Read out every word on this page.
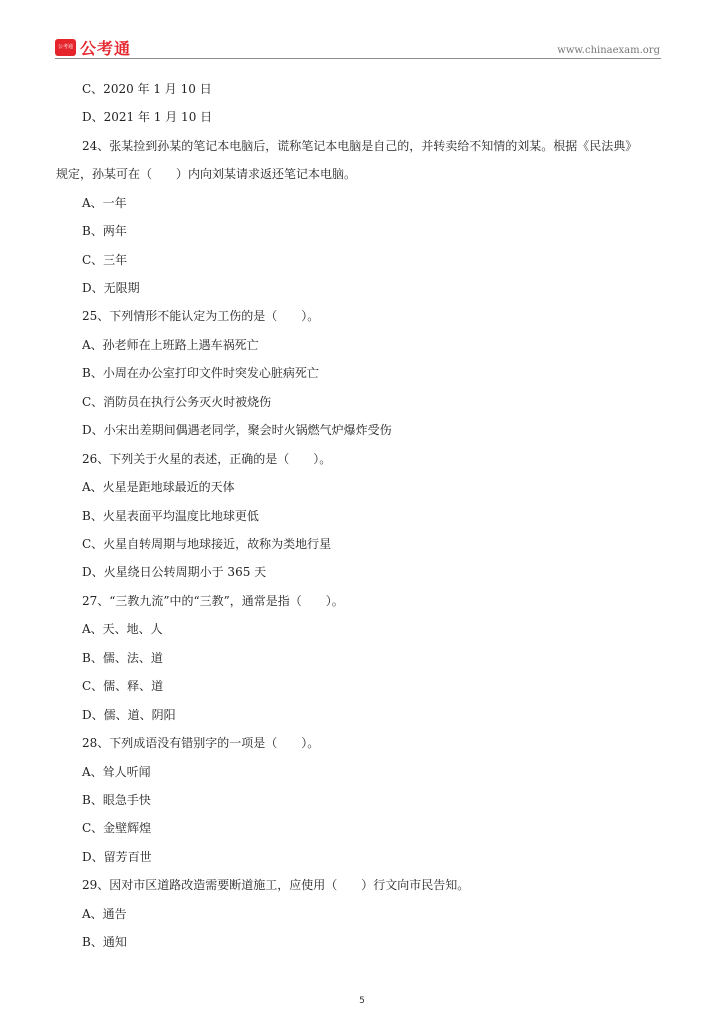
公考通 公考通	www.chinaexam.org
C、2020 年 1 月 10 日
D、2021 年 1 月 10 日
24、张某捡到孙某的笔记本电脑后，谎称笔记本电脑是自己的，并转卖给不知情的刘某。根据《民法典》
规定，孙某可在（　　）内向刘某请求返还笔记本电脑。
A、一年
B、两年
C、三年
D、无限期
25、下列情形不能认定为工伤的是（　　）。
A、孙老师在上班路上遇车祸死亡
B、小周在办公室打印文件时突发心脏病死亡
C、消防员在执行公务灭火时被烧伤
D、小宋出差期间偶遇老同学，聚会时火锅燃气炉爆炸受伤
26、下列关于火星的表述，正确的是（　　）。
A、火星是距地球最近的天体
B、火星表面平均温度比地球更低
C、火星自转周期与地球接近，故称为类地行星
D、火星绕日公转周期小于 365 天
27、“三教九流”中的“三教”，通常是指（　　）。
A、天、地、人
B、儒、法、道
C、儒、释、道
D、儒、道、阴阳
28、下列成语没有错别字的一项是（　　）。
A、耸人听闻
B、眼急手快
C、金壁辉煌
D、留芳百世
29、因对市区道路改造需要断道施工，应使用（　　）行文向市民告知。
A、通告
B、通知
5
